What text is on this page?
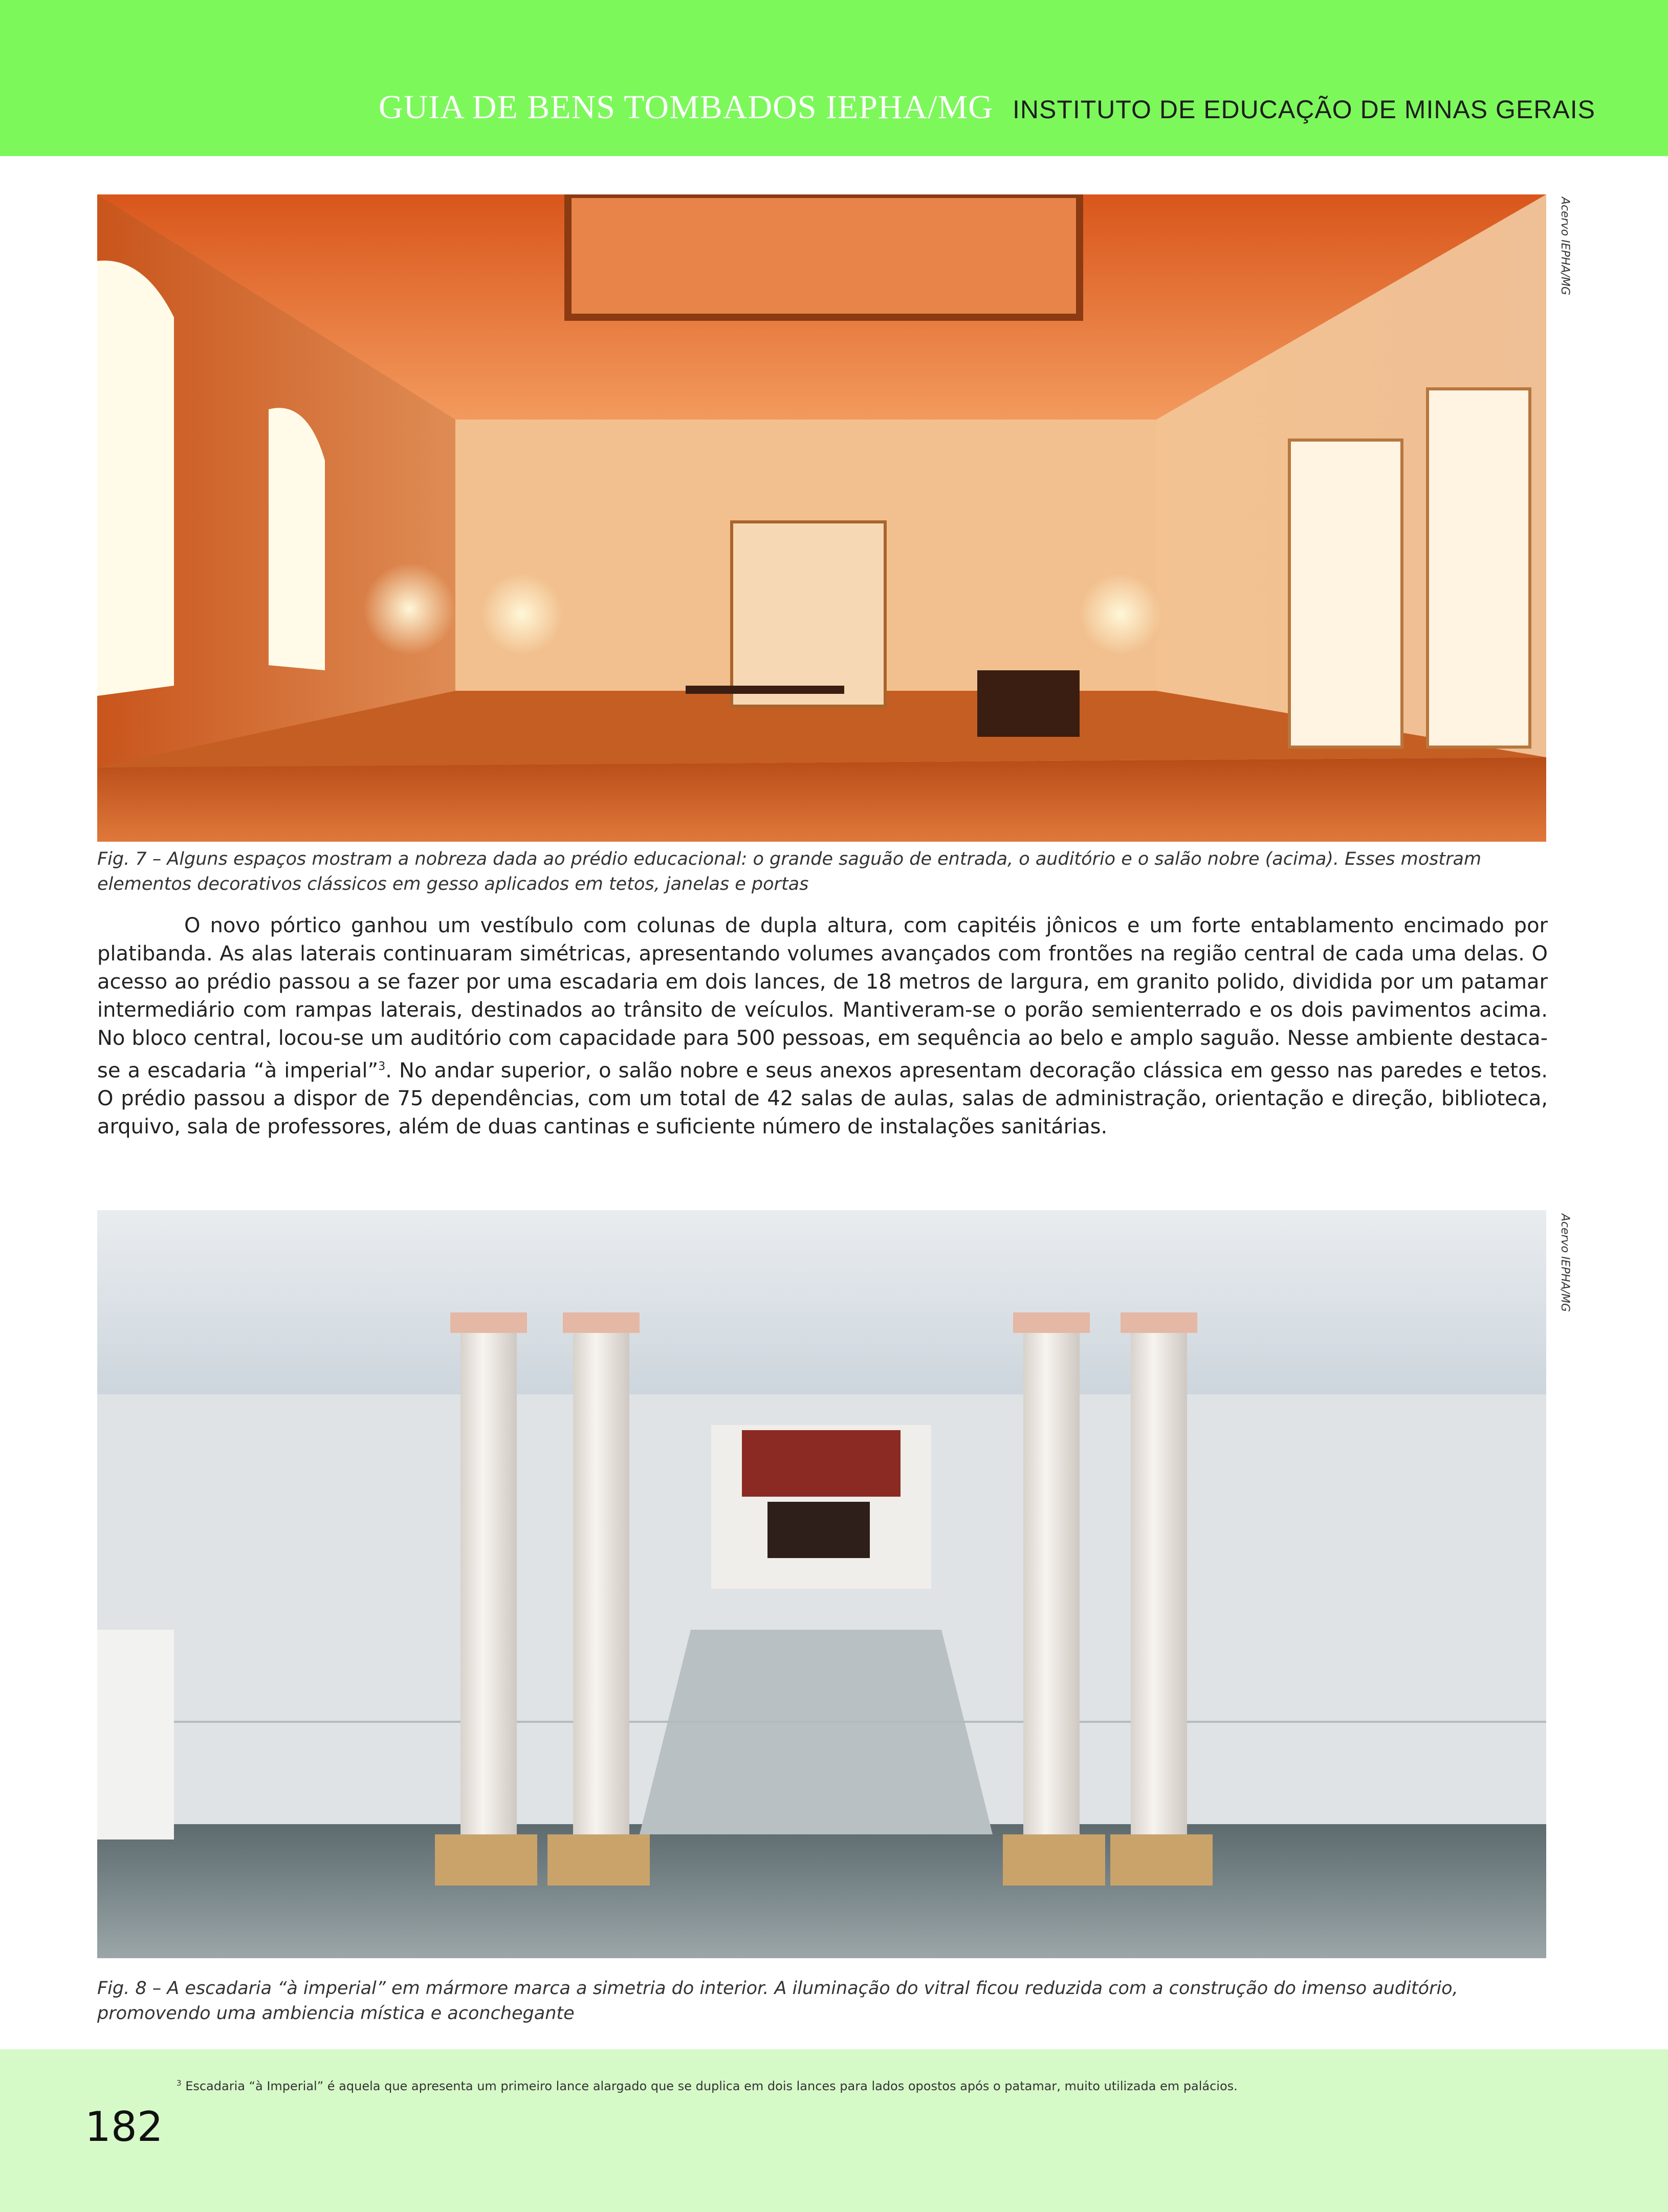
GUIA DE BENS TOMBADOS IEPHA/MG INSTITUTO DE EDUCAÇÃO DE MINAS GERAIS
Acervo IEPHA/MG
Fig. 7 – Alguns espaços mostram a nobreza dada ao prédio educacional: o grande saguão de entrada, o auditório e o salão nobre (acima). Esses mostram elementos decorativos clássicos em gesso aplicados em tetos, janelas e portas

O novo pórtico ganhou um vestíbulo com colunas de dupla altura, com capitéis jônicos e um forte entablamento encimado por platibanda. As alas laterais continuaram simétricas, apresentando volumes avançados com frontões na região central de cada uma delas. O acesso ao prédio passou a se fazer por uma escadaria em dois lances, de 18 metros de largura, em granito polido, dividida por um patamar intermediário com rampas laterais, destinados ao trânsito de veículos. Mantiveram-se o porão semienterrado e os dois pavimentos acima. No bloco central, locou-se um auditório com capacidade para 500 pessoas, em sequência ao belo e amplo saguão. Nesse ambiente destaca-se a escadaria “à imperial”$^3$. No andar superior, o salão nobre e seus anexos apresentam decoração clássica em gesso nas paredes e tetos. O prédio passou a dispor de 75 dependências, com um total de 42 salas de aulas, salas de administração, orientação e direção, biblioteca, arquivo, sala de professores, além de duas cantinas e suficiente número de instalações sanitárias.

Acervo IEPHA/MG
Fig. 8 – A escadaria “à imperial” em mármore marca a simetria do interior. A iluminação do vitral ficou reduzida com a construção do imenso auditório, promovendo uma ambiencia mística e aconchegante
$^3$ Escadaria “à Imperial” é aquela que apresenta um primeiro lance alargado que se duplica em dois lances para lados opostos após o patamar, muito utilizada em palácios.
182
